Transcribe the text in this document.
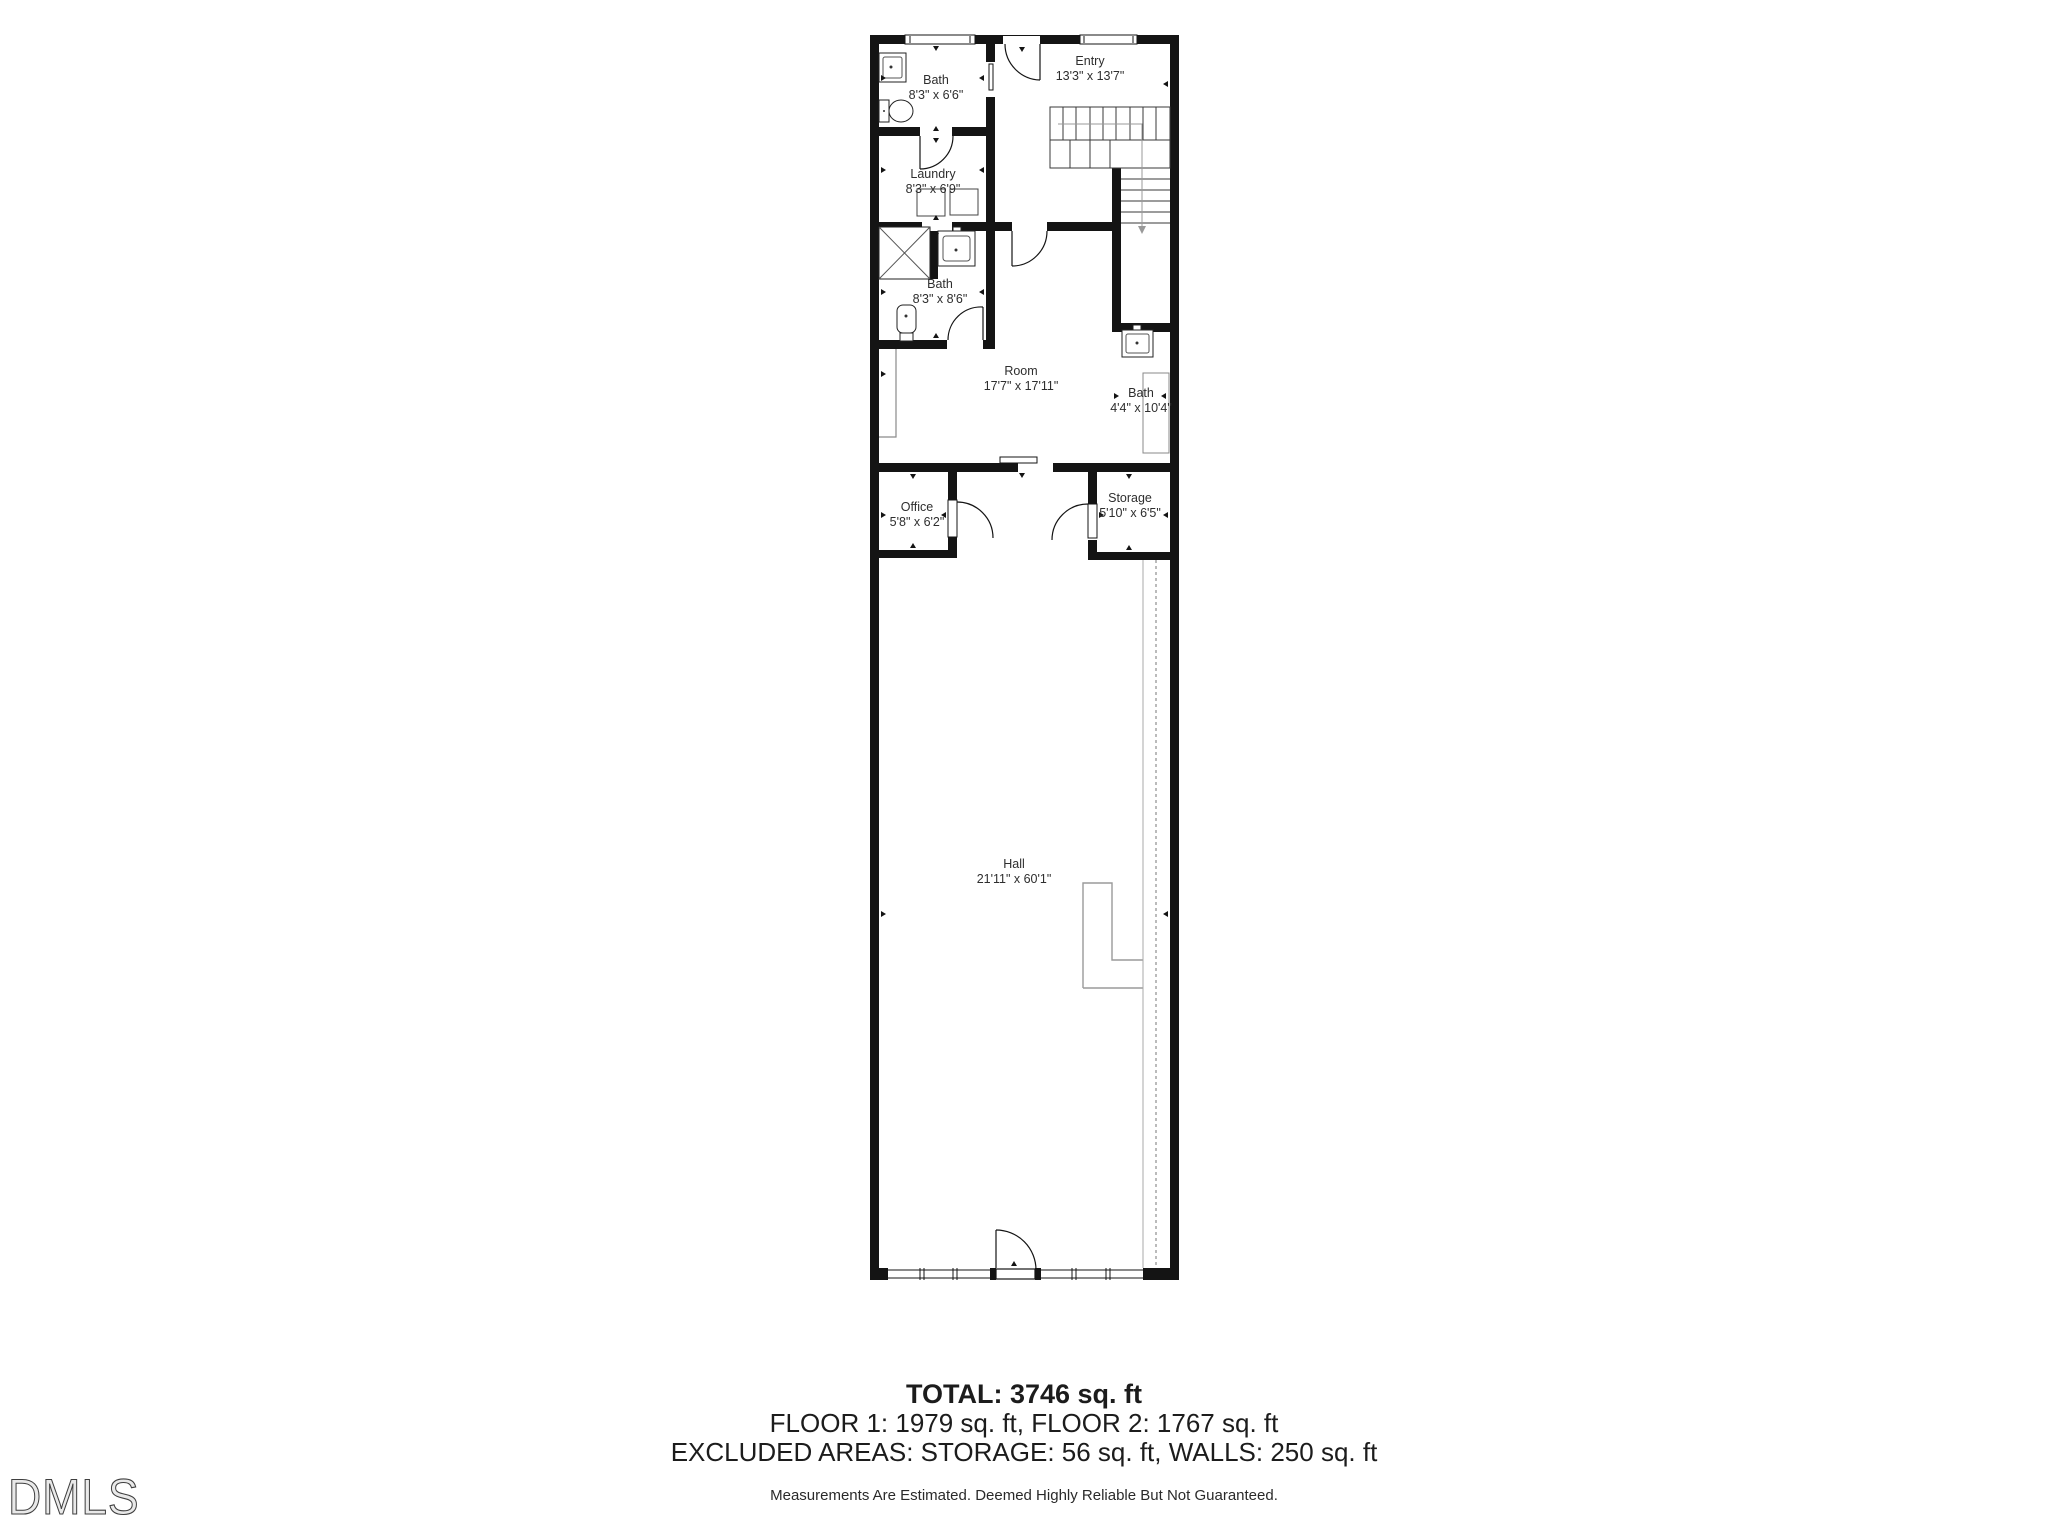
Bath
8'3" x 6'6"
Entry
13'3" x 13'7"
Laundry
8'3" x 6'9"
Bath
8'3" x 8'6"
Room
17'7" x 17'11"	Bath
4'4" x 10'4"
Office
5'8" x 6'2"
Storage
5'10" x 6'5"
Hall
21'11" x 60'1"
TOTAL: 3746 sq. ft
FLOOR 1: 1979 sq. ft, FLOOR 2: 1767 sq. ft
EXCLUDED AREAS: STORAGE: 56 sq. ft, WALLS: 250 sq. ft
Measurements Are Estimated. Deemed Highly Reliable But Not Guaranteed.
DMLS
